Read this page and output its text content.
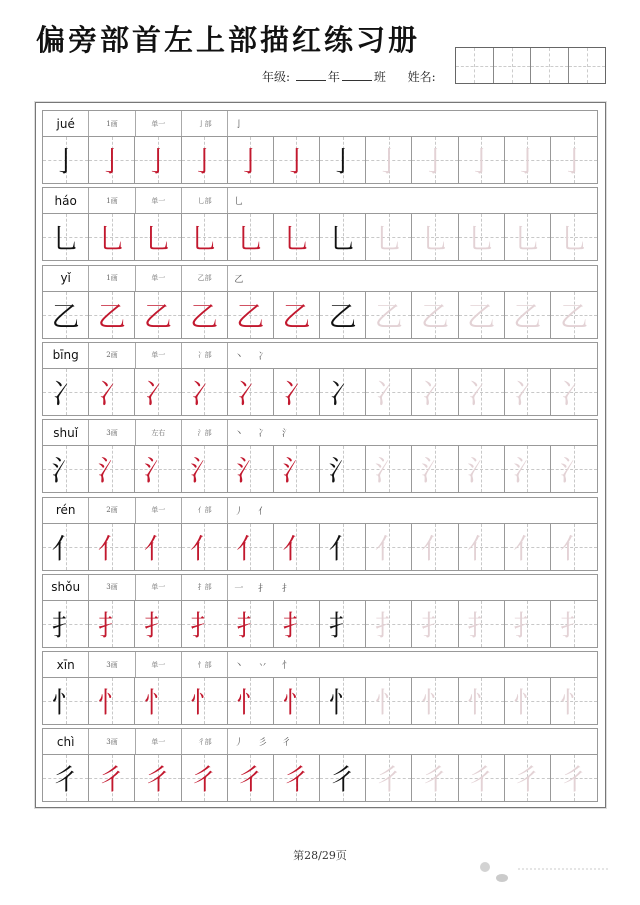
偏旁部首左上部描红练习册
年级:	年	班 姓名:
jué	1画	单一	亅部	亅
亅 亅 亅 亅 亅 亅 亅 亅 亅 亅 亅 亅
háo	1画	单一	乚部	乚
乚 乚 乚 乚 乚 乚 乚 乚 乚 乚 乚 乚
yǐ	1画	单一	乙部	乙
乙 乙 乙 乙 乙 乙 乙 乙 乙 乙 乙 乙
bīng	2画	单一	冫部	丶 冫
冫 冫 冫 冫 冫 冫 冫 冫 冫 冫 冫 冫
shuǐ	3画	左右	氵部	丶 冫 氵
氵 氵 氵 氵 氵 氵 氵 氵 氵 氵 氵 氵
rén	2画	单一	亻部	丿 亻
亻 亻 亻 亻 亻 亻 亻 亻 亻 亻 亻 亻
shǒu	3画	单一	扌部	一 扌 扌
扌 扌 扌 扌 扌 扌 扌 扌 扌 扌 扌 扌
xīn	3画	单一	忄部	丶 丷 忄
忄 忄 忄 忄 忄 忄 忄 忄 忄 忄 忄 忄
chì	3画	单一	彳部	丿 彡 彳
彳 彳 彳 彳 彳 彳 彳 彳 彳 彳 彳 彳
第28/29页
